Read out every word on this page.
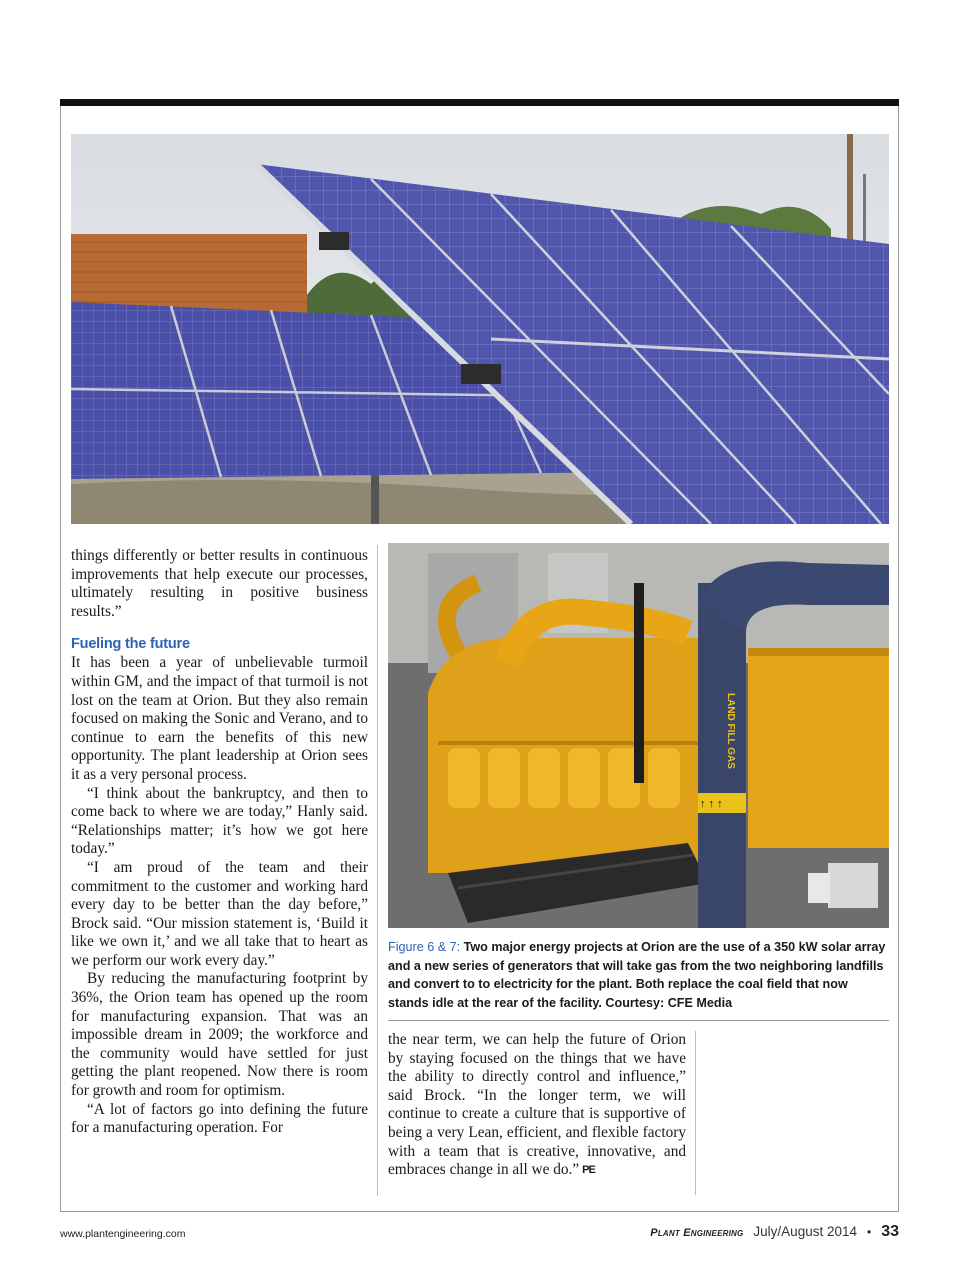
↑ ↑ ↑
LAND FILL GAS

things differently or better results in continuous improvements that help execute our processes, ultimately resulting in positive business results.”

Fueling the future

It has been a year of unbelievable turmoil within GM, and the impact of that turmoil is not lost on the team at Orion. But they also remain focused on making the Sonic and Verano, and to continue to earn the benefits of this new opportunity. The plant leadership at Orion sees it as a very personal process.

“I think about the bankruptcy, and then to come back to where we are today,” Hanly said. “Relationships matter; it’s how we got here today.”

“I am proud of the team and their commitment to the customer and working hard every day to be better than the day before,” Brock said. “Our mission statement is, ‘Build it like we own it,’ and we all take that to heart as we perform our work every day.”

By reducing the manufacturing footprint by 36%, the Orion team has opened up the room for manufacturing expansion. That was an impossible dream in 2009; the workforce and the community would have settled for just getting the plant reopened. Now there is room for growth and room for optimism.

“A lot of factors go into defining the future for a manufacturing operation. For

Figure 6 & 7: Two major energy projects at Orion are the use of a 350 kW solar array and a new series of generators that will take gas from the two neighboring landfills and convert to to electricity for the plant. Both replace the coal field that now stands idle at the rear of the facility. Courtesy: CFE Media

the near term, we can help the future of Orion by staying focused on the things that we have the ability to directly control and influence,” said Brock. “In the longer term, we will continue to create a culture that is supportive of being a very Lean, efficient, and flexible factory with a team that is creative, innovative, and embraces change in all we do.” PE

www.plantengineering.com	Plant Engineering July/August 2014 • 33
